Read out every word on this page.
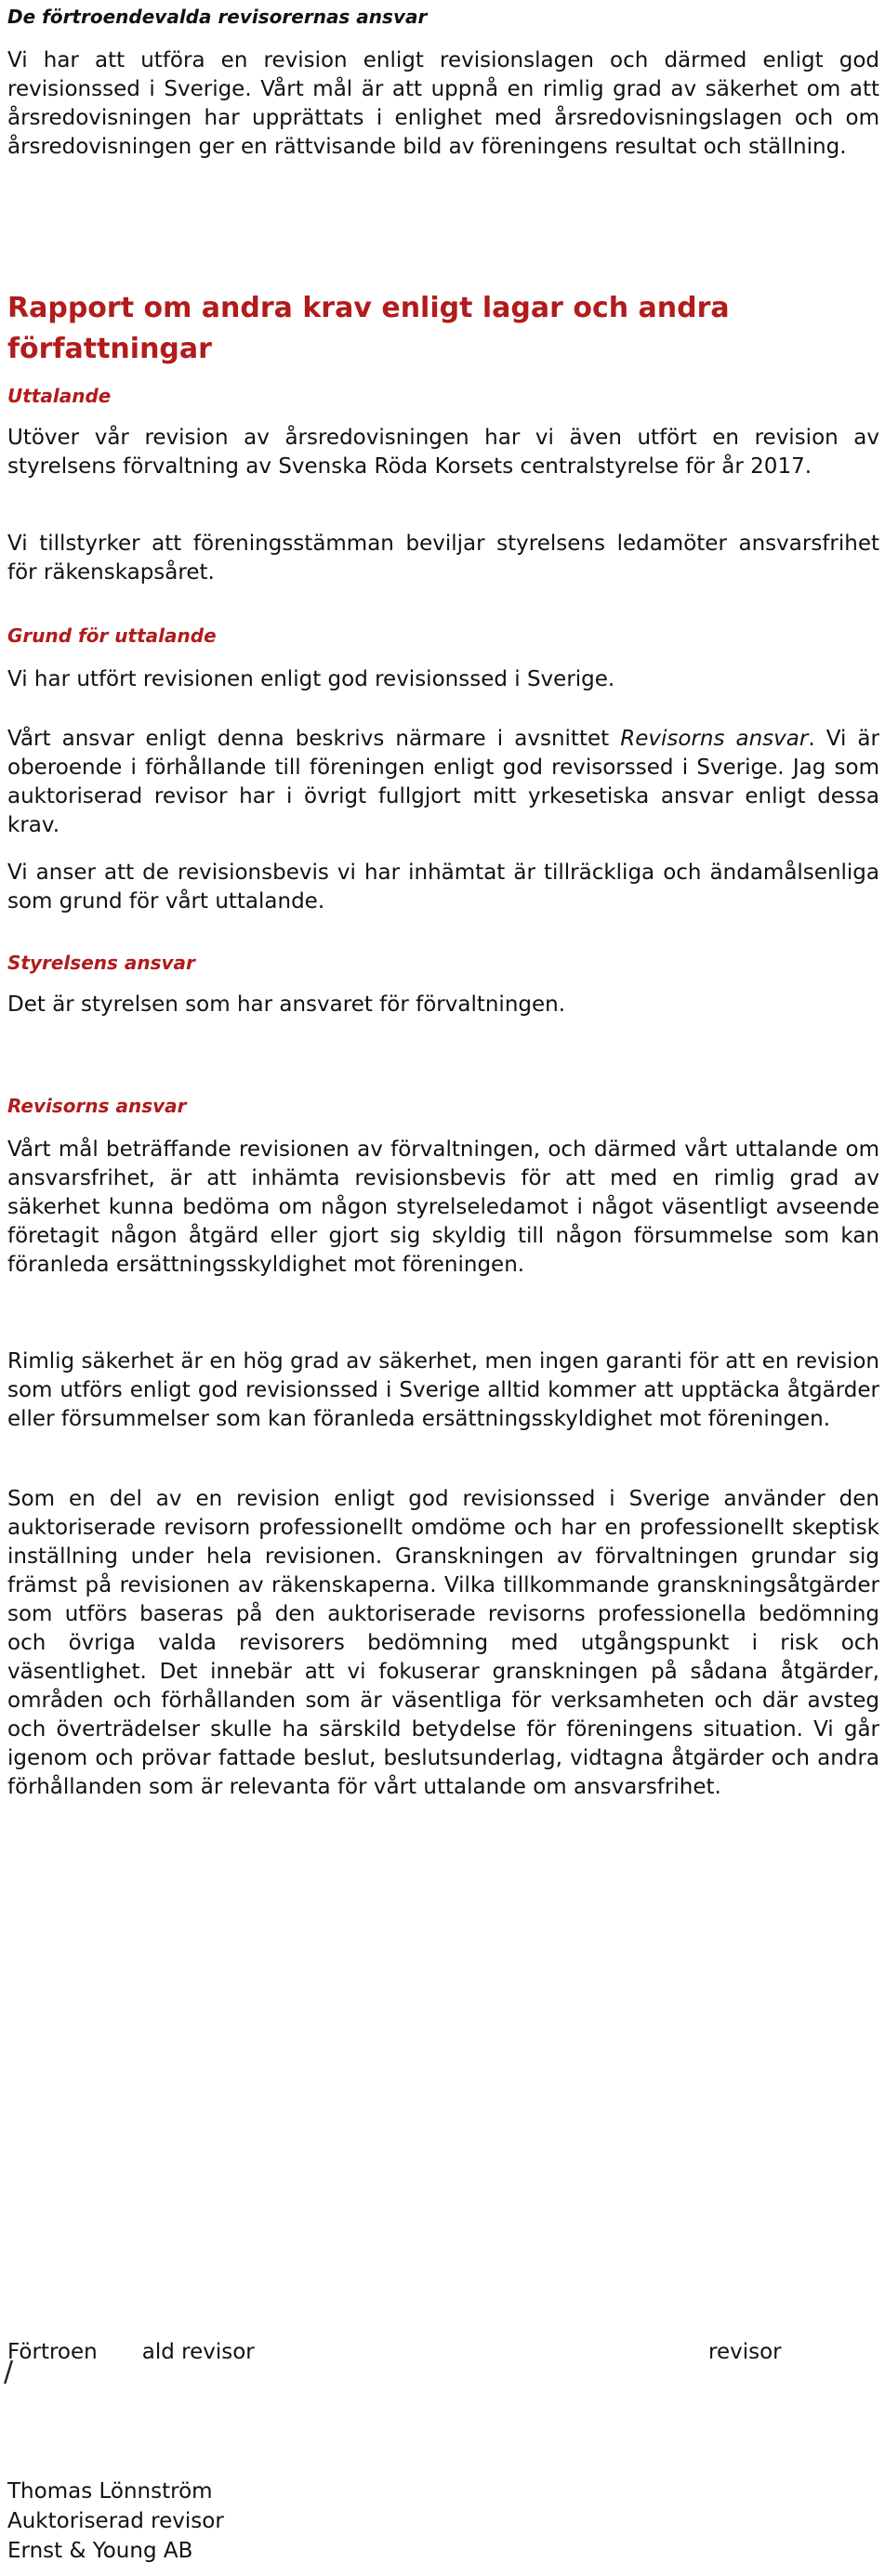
De förtroendevalda revisorernas ansvar

Vi har att utföra en revision enligt revisionslagen och därmed enligt god revisionssed i Sverige. Vårt mål är att uppnå en rimlig grad av säkerhet om att årsredovisningen har upprättats i enlighet med årsredovisningslagen och om årsredovisningen ger en rättvisande bild av föreningens resultat och ställning.

Rapport om andra krav enligt lagar och andra
författningar
Uttalande

Utöver vår revision av årsredovisningen har vi även utfört en revision av styrelsens förvaltning av Svenska Röda Korsets centralstyrelse för år 2017.

Vi tillstyrker att föreningsstämman beviljar styrelsens ledamöter ansvarsfrihet för räkenskapsåret.

Grund för uttalande

Vi har utfört revisionen enligt god revisionssed i Sverige.

Vårt ansvar enligt denna beskrivs närmare i avsnittet Revisorns ansvar. Vi är oberoende i förhållande till föreningen enligt god revisorssed i Sverige. Jag som auktoriserad revisor har i övrigt fullgjort mitt yrkesetiska ansvar enligt dessa krav.

Vi anser att de revisionsbevis vi har inhämtat är tillräckliga och ändamålsenliga som grund för vårt uttalande.

Styrelsens ansvar

Det är styrelsen som har ansvaret för förvaltningen.

Revisorns ansvar

Vårt mål beträffande revisionen av förvaltningen, och därmed vårt uttalande om ansvarsfrihet, är att inhämta revisionsbevis för att med en rimlig grad av säkerhet kunna bedöma om någon styrelseledamot i något väsentligt avseende företagit någon åtgärd eller gjort sig skyldig till någon försummelse som kan föranleda ersättningsskyldighet mot föreningen.

Rimlig säkerhet är en hög grad av säkerhet, men ingen garanti för att en revision som utförs enligt god revisionssed i Sverige alltid kommer att upptäcka åtgärder eller försummelser som kan föranleda ersättningsskyldighet mot föreningen.

Som en del av en revision enligt god revisionssed i Sverige använder den auktoriserade revisorn professionellt omdöme och har en professionellt skeptisk inställning under hela revisionen. Granskningen av förvaltningen grundar sig främst på revisionen av räkenskaperna. Vilka tillkommande granskningsåtgärder som utförs baseras på den auktoriserade revisorns professionella bedömning och övriga valda revisorers bedömning med utgångspunkt i risk och väsentlighet. Det innebär att vi fokuserar granskningen på sådana åtgärder, områden och förhållanden som är väsentliga för verksamheten och där avsteg och överträdelser skulle ha särskild betydelse för föreningens situation. Vi går igenom och prövar fattade beslut, beslutsunderlag, vidtagna åtgärder och andra förhållanden som är relevanta för vårt uttalande om ansvarsfrihet.

Förtroen ald revisor
/
revisor
Thomas Lönnström
Auktoriserad revisor
Ernst & Young AB
